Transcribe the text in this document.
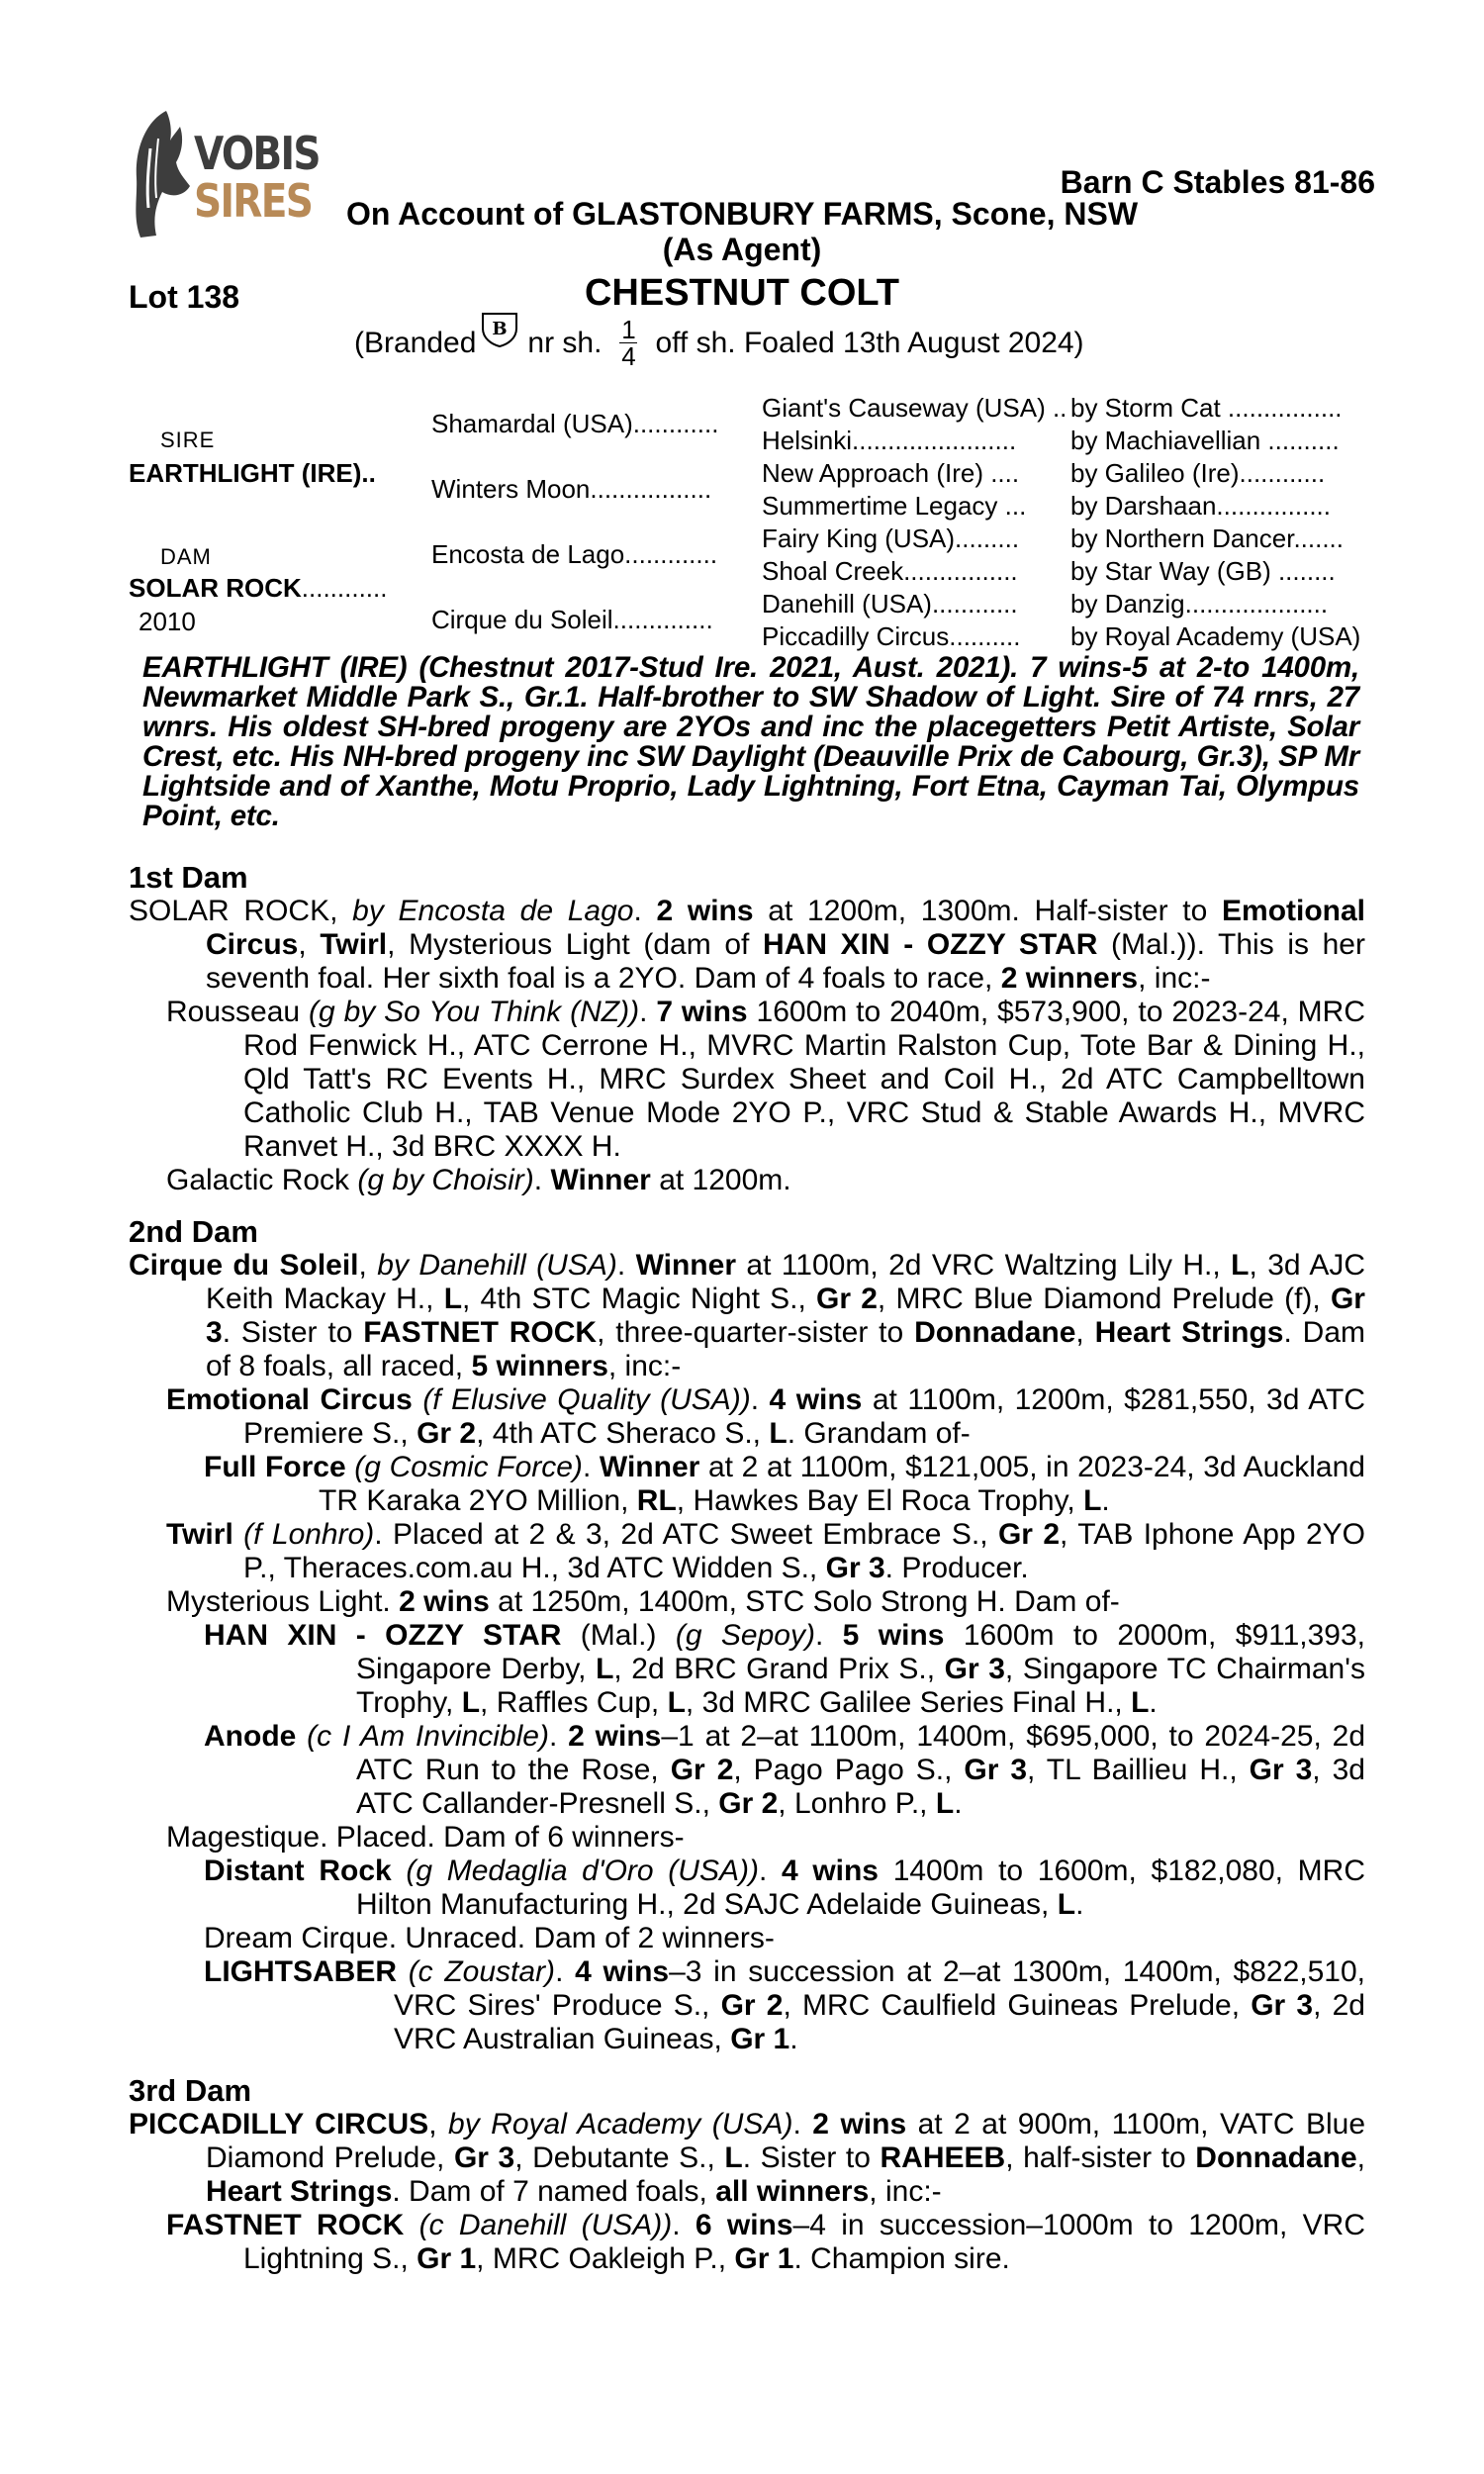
VOBIS
SIRES	Barn C Stables 81-86
On Account of GLASTONBURY FARMS, Scone, NSW
(As Agent)
Lot 138	CHESTNUT COLT
(Branded B nr sh. $\frac{1}{4}$ off sh. Foaled 13th August 2024)
SIRE
EARTHLIGHT (IRE)..
DAM
SOLAR ROCK............
2010
Shamardal (USA)............
Winters Moon.................
Encosta de Lago.............
Cirque du Soleil..............
Giant's Causeway (USA) ..
Helsinki.......................
New Approach (Ire) ....
Summertime Legacy ...
Fairy King (USA).........
Shoal Creek................
Danehill (USA)............
Piccadilly Circus..........
by Storm Cat ................
by Machiavellian ..........
by Galileo (Ire)............
by Darshaan................
by Northern Dancer.......
by Star Way (GB) ........
by Danzig....................
by Royal Academy (USA)
EARTHLIGHT (IRE) (Chestnut 2017-Stud Ire. 2021, Aust. 2021). 7 wins-5 at 2-to 1400m, Newmarket Middle Park S., Gr.1. Half-brother to SW Shadow of Light. Sire of 74 rnrs, 27 wnrs. His oldest SH-bred progeny are 2YOs and inc the placegetters Petit Artiste, Solar Crest, etc. His NH-bred progeny inc SW Daylight (Deauville Prix de Cabourg, Gr.3), SP Mr Lightside and of Xanthe, Motu Proprio, Lady Lightning, Fort Etna, Cayman Tai, Olympus Point, etc.

1st Dam

SOLAR ROCK, by Encosta de Lago. 2 wins at 1200m, 1300m. Half-sister to Emotional Circus, Twirl, Mysterious Light (dam of HAN XIN - OZZY STAR (Mal.)). This is her seventh foal. Her sixth foal is a 2YO. Dam of 4 foals to race, 2 winners, inc:-

Rousseau (g by So You Think (NZ)). 7 wins 1600m to 2040m, $573,900, to 2023-24, MRC Rod Fenwick H., ATC Cerrone H., MVRC Martin Ralston Cup, Tote Bar & Dining H., Qld Tatt's RC Events H., MRC Surdex Sheet and Coil H., 2d ATC Campbelltown Catholic Club H., TAB Venue Mode 2YO P., VRC Stud & Stable Awards H., MVRC Ranvet H., 3d BRC XXXX H.

Galactic Rock (g by Choisir). Winner at 1200m.

2nd Dam

Cirque du Soleil, by Danehill (USA). Winner at 1100m, 2d VRC Waltzing Lily H., L, 3d AJC Keith Mackay H., L, 4th STC Magic Night S., Gr 2, MRC Blue Diamond Prelude (f), Gr 3. Sister to FASTNET ROCK, three-quarter-sister to Donnadane, Heart Strings. Dam of 8 foals, all raced, 5 winners, inc:-

Emotional Circus (f Elusive Quality (USA)). 4 wins at 1100m, 1200m, $281,550, 3d ATC Premiere S., Gr 2, 4th ATC Sheraco S., L. Grandam of-

Full Force (g Cosmic Force). Winner at 2 at 1100m, $121,005, in 2023-24, 3d Auckland TR Karaka 2YO Million, RL, Hawkes Bay El Roca Trophy, L.

Twirl (f Lonhro). Placed at 2 & 3, 2d ATC Sweet Embrace S., Gr 2, TAB Iphone App 2YO P., Theraces.com.au H., 3d ATC Widden S., Gr 3. Producer.

Mysterious Light. 2 wins at 1250m, 1400m, STC Solo Strong H. Dam of-

HAN XIN - OZZY STAR (Mal.) (g Sepoy). 5 wins 1600m to 2000m, $911,393, Singapore Derby, L, 2d BRC Grand Prix S., Gr 3, Singapore TC Chairman's Trophy, L, Raffles Cup, L, 3d MRC Galilee Series Final H., L.

Anode (c I Am Invincible). 2 wins–1 at 2–at 1100m, 1400m, $695,000, to 2024-25, 2d ATC Run to the Rose, Gr 2, Pago Pago S., Gr 3, TL Baillieu H., Gr 3, 3d ATC Callander-Presnell S., Gr 2, Lonhro P., L.

Magestique. Placed. Dam of 6 winners-

Distant Rock (g Medaglia d'Oro (USA)). 4 wins 1400m to 1600m, $182,080, MRC Hilton Manufacturing H., 2d SAJC Adelaide Guineas, L.

Dream Cirque. Unraced. Dam of 2 winners-

LIGHTSABER (c Zoustar). 4 wins–3 in succession at 2–at 1300m, 1400m, $822,510, VRC Sires' Produce S., Gr 2, MRC Caulfield Guineas Prelude, Gr 3, 2d VRC Australian Guineas, Gr 1.

3rd Dam

PICCADILLY CIRCUS, by Royal Academy (USA). 2 wins at 2 at 900m, 1100m, VATC Blue Diamond Prelude, Gr 3, Debutante S., L. Sister to RAHEEB, half-sister to Donnadane, Heart Strings. Dam of 7 named foals, all winners, inc:-

FASTNET ROCK (c Danehill (USA)). 6 wins–4 in succession–1000m to 1200m, VRC Lightning S., Gr 1, MRC Oakleigh P., Gr 1. Champion sire.
